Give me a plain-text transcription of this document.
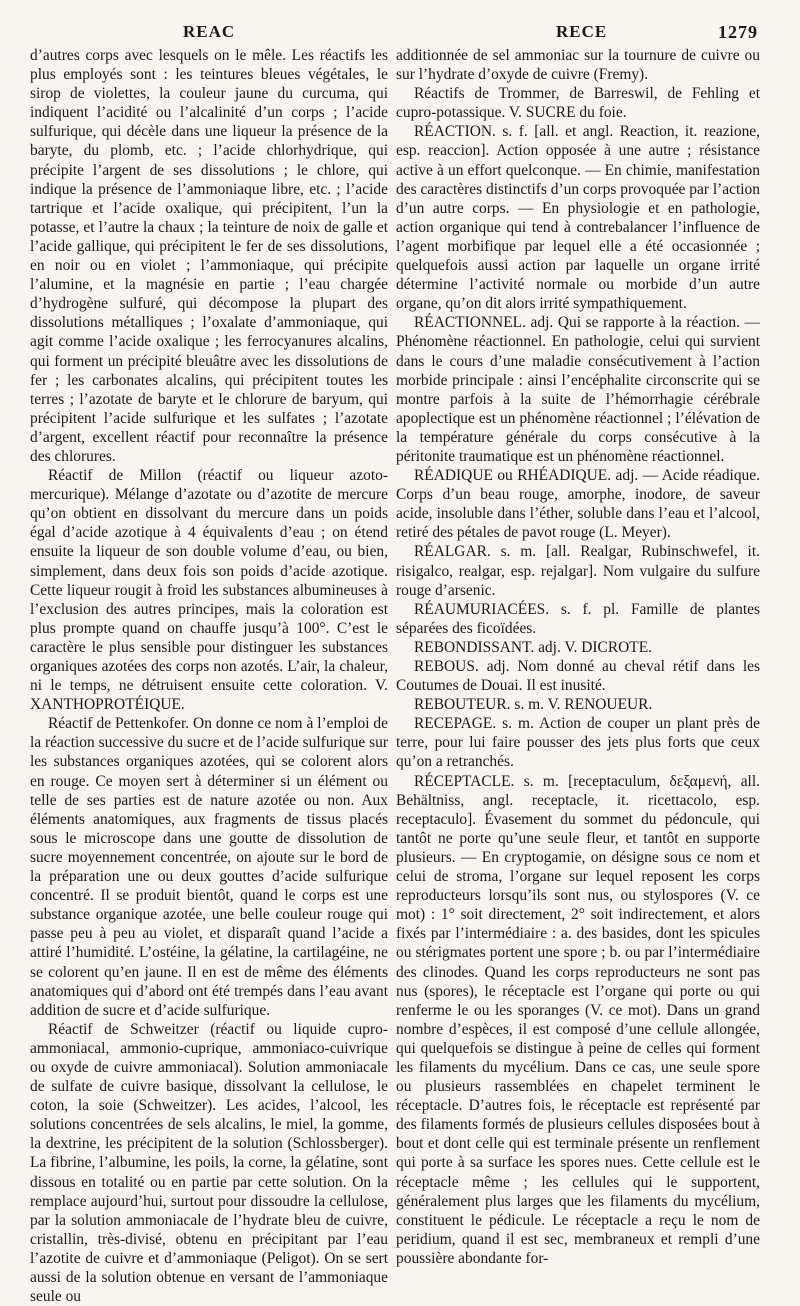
REAC	RECE	1279

d’autres corps avec lesquels on le mêle. Les réactifs les plus employés sont : les teintures bleues végétales, le sirop de violettes, la couleur jaune du curcuma, qui indiquent l’acidité ou l’alcalinité d’un corps ; l’acide sulfurique, qui décèle dans une liqueur la présence de la baryte, du plomb, etc. ; l’acide chlorhydrique, qui précipite l’argent de ses dissolutions ; le chlore, qui indique la présence de l’ammoniaque libre, etc. ; l’acide tartrique et l’acide oxalique, qui précipitent, l’un la potasse, et l’autre la chaux ; la teinture de noix de galle et l’acide gallique, qui précipitent le fer de ses dissolutions, en noir ou en violet ; l’ammoniaque, qui précipite l’alumine, et la magnésie en partie ; l’eau chargée d’hydrogène sulfuré, qui décompose la plupart des dissolutions métalliques ; l’oxalate d’ammoniaque, qui agit comme l’acide oxalique ; les ferrocyanures alcalins, qui forment un précipité bleuâtre avec les dissolutions de fer ; les carbonates alcalins, qui précipitent toutes les terres ; l’azotate de baryte et le chlorure de baryum, qui précipitent l’acide sulfurique et les sulfates ; l’azotate d’argent, excellent réactif pour reconnaître la présence des chlorures.

Réactif de Millon (réactif ou liqueur azoto-mercurique). Mélange d’azotate ou d’azotite de mercure qu’on obtient en dissolvant du mercure dans un poids égal d’acide azotique à 4 équivalents d’eau ; on étend ensuite la liqueur de son double volume d’eau, ou bien, simplement, dans deux fois son poids d’acide azotique. Cette liqueur rougit à froid les substances albumineuses à l’exclusion des autres principes, mais la coloration est plus prompte quand on chauffe jusqu’à 100°. C’est le caractère le plus sensible pour distinguer les substances organiques azotées des corps non azotés. L’air, la chaleur, ni le temps, ne détruisent ensuite cette coloration. V. XANTHOPROTÉIQUE.

Réactif de Pettenkofer. On donne ce nom à l’emploi de la réaction successive du sucre et de l’acide sulfurique sur les substances organiques azotées, qui se colorent alors en rouge. Ce moyen sert à déterminer si un élément ou telle de ses parties est de nature azotée ou non. Aux éléments anatomiques, aux fragments de tissus placés sous le microscope dans une goutte de dissolution de sucre moyennement concentrée, on ajoute sur le bord de la préparation une ou deux gouttes d’acide sulfurique concentré. Il se produit bientôt, quand le corps est une substance organique azotée, une belle couleur rouge qui passe peu à peu au violet, et disparaît quand l’acide a attiré l’humidité. L’ostéine, la gélatine, la cartilagéine, ne se colorent qu’en jaune. Il en est de même des éléments anatomiques qui d’abord ont été trempés dans l’eau avant addition de sucre et d’acide sulfurique.

Réactif de Schweitzer (réactif ou liquide cupro-ammoniacal, ammonio-cuprique, ammoniaco-cuivrique ou oxyde de cuivre ammoniacal). Solution ammoniacale de sulfate de cuivre basique, dissolvant la cellulose, le coton, la soie (Schweitzer). Les acides, l’alcool, les solutions concentrées de sels alcalins, le miel, la gomme, la dextrine, les précipitent de la solution (Schlossberger). La fibrine, l’albumine, les poils, la corne, la gélatine, sont dissous en totalité ou en partie par cette solution. On la remplace aujourd’hui, surtout pour dissoudre la cellulose, par la solution ammoniacale de l’hydrate bleu de cuivre, cristallin, très-divisé, obtenu en précipitant par l’eau l’azotite de cuivre et d’ammoniaque (Peligot). On se sert aussi de la solution obtenue en versant de l’ammoniaque seule ou

additionnée de sel ammoniac sur la tournure de cuivre ou sur l’hydrate d’oxyde de cuivre (Fremy).

Réactifs de Trommer, de Barreswil, de Fehling et cupro-potassique. V. SUCRE du foie.

RÉACTION. s. f. [all. et angl. Reaction, it. reazione, esp. reaccion]. Action opposée à une autre ; résistance active à un effort quelconque. — En chimie, manifestation des caractères distinctifs d’un corps provoquée par l’action d’un autre corps. — En physiologie et en pathologie, action organique qui tend à contrebalancer l’influence de l’agent morbifique par lequel elle a été occasionnée ; quelquefois aussi action par laquelle un organe irrité détermine l’activité normale ou morbide d’un autre organe, qu’on dit alors irrité sympathiquement.

RÉACTIONNEL. adj. Qui se rapporte à la réaction. — Phénomène réactionnel. En pathologie, celui qui survient dans le cours d’une maladie consécutivement à l’action morbide principale : ainsi l’encéphalite circonscrite qui se montre parfois à la suite de l’hémorrhagie cérébrale apoplectique est un phénomène réactionnel ; l’élévation de la température générale du corps consécutive à la péritonite traumatique est un phénomène réactionnel.

RÉADIQUE ou RHÉADIQUE. adj. — Acide réadique. Corps d’un beau rouge, amorphe, inodore, de saveur acide, insoluble dans l’éther, soluble dans l’eau et l’alcool, retiré des pétales de pavot rouge (L. Meyer).

RÉALGAR. s. m. [all. Realgar, Rubinschwefel, it. risigalco, realgar, esp. rejalgar]. Nom vulgaire du sulfure rouge d’arsenic.

RÉAUMURIACÉES. s. f. pl. Famille de plantes séparées des ficoïdées.

REBONDISSANT. adj. V. DICROTE.

REBOUS. adj. Nom donné au cheval rétif dans les Coutumes de Douai. Il est inusité.

REBOUTEUR. s. m. V. RENOUEUR.

RECEPAGE. s. m. Action de couper un plant près de terre, pour lui faire pousser des jets plus forts que ceux qu’on a retranchés.

RÉCEPTACLE. s. m. [receptaculum, δεξαμενή, all. Behältniss, angl. receptacle, it. ricettacolo, esp. receptaculo]. Évasement du sommet du pédoncule, qui tantôt ne porte qu’une seule fleur, et tantôt en supporte plusieurs. — En cryptogamie, on désigne sous ce nom et celui de stroma, l’organe sur lequel reposent les corps reproducteurs lorsqu’ils sont nus, ou stylospores (V. ce mot) : 1° soit directement, 2° soit indirectement, et alors fixés par l’intermédiaire : a. des basides, dont les spicules ou stérigmates portent une spore ; b. ou par l’intermédiaire des clinodes. Quand les corps reproducteurs ne sont pas nus (spores), le réceptacle est l’organe qui porte ou qui renferme le ou les sporanges (V. ce mot). Dans un grand nombre d’espèces, il est composé d’une cellule allongée, qui quelquefois se distingue à peine de celles qui forment les filaments du mycélium. Dans ce cas, une seule spore ou plusieurs rassemblées en chapelet terminent le réceptacle. D’autres fois, le réceptacle est représenté par des filaments formés de plusieurs cellules disposées bout à bout et dont celle qui est terminale présente un renflement qui porte à sa surface les spores nues. Cette cellule est le réceptacle même ; les cellules qui le supportent, généralement plus larges que les filaments du mycélium, constituent le pédicule. Le réceptacle a reçu le nom de peridium, quand il est sec, membraneux et rempli d’une poussière abondante for-
